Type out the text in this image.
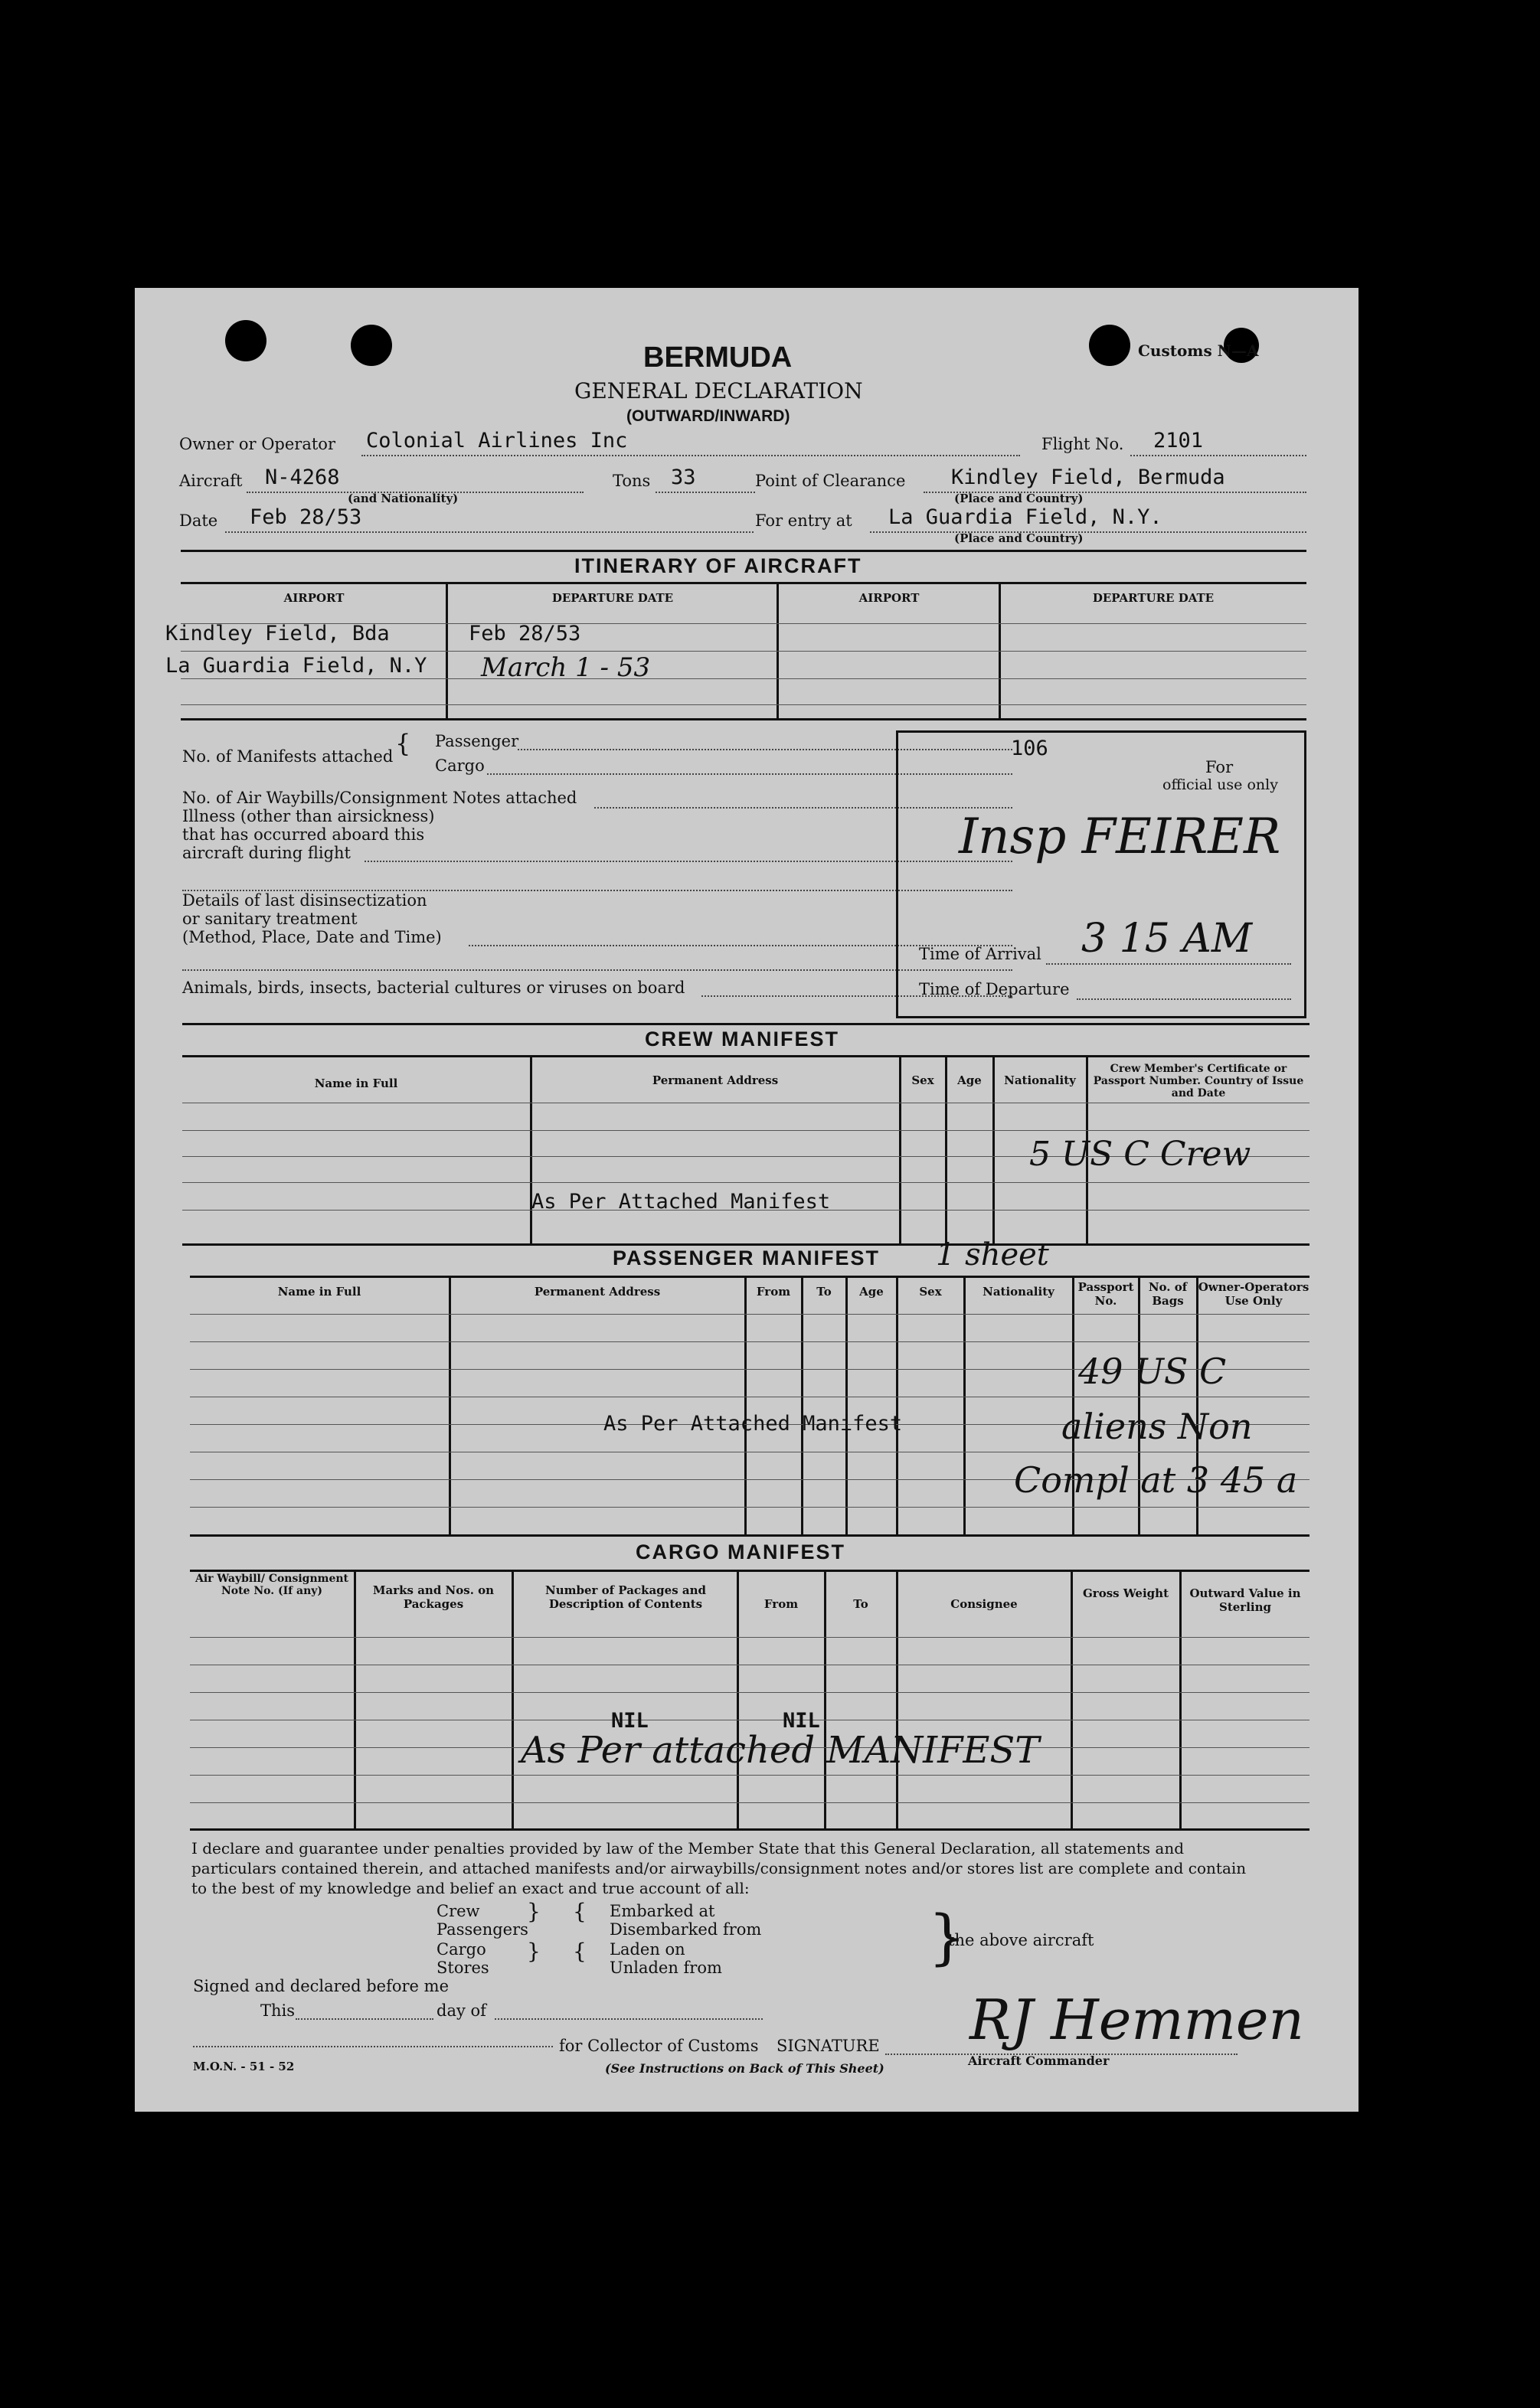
BERMUDA	Customs N—A
GENERAL DECLARATION
(OUTWARD/INWARD)
Owner or Operator Colonial Airlines Inc	Flight No. 2101
Aircraft N-4268
(and Nationality)
Tons 33	Point of Clearance Kindley Field, Bermuda
(Place and Country)
Date Feb 28/53	For entry at La Guardia Field, N.Y.
(Place and Country)
ITINERARY OF AIRCRAFT
AIRPORT	DEPARTURE DATE	AIRPORT	DEPARTURE DATE
Kindley Field, Bda	Feb 28/53
La Guardia Field, N.Y March 1 - 53
No. of Manifests attached { Passenger
Cargo
No. of Air Waybills/Consignment Notes attached
Illness (other than airsickness)
that has occurred aboard this
aircraft during flight
Details of last disinsectization
or sanitary treatment
(Method, Place, Date and Time)
Animals, birds, insects, bacterial cultures or viruses on board
106
For
official use only
Insp FEIRER
Time of Arrival 3 15 AM
Time of Departure
CREW MANIFEST
Name in Full	Permanent Address	Sex	Age	Nationality
Crew Member's Certificate or Passport Number. Country of Issue and Date
As Per Attached Manifest
5 US C Crew
PASSENGER MANIFEST 1 sheet
Name in Full	Permanent Address	From	To	Age	Sex	Nationality	Passport No.
No. of Bags
Owner-Operators Use Only
As Per Attached Manifest
49 US C
aliens Non
Compl at 3 45 a
CARGO MANIFEST
Air Waybill/ Consignment Note No. (If any)	Marks and Nos. on Packages
Number of Packages and Description of Contents	From	To	Consignee
Gross Weight	Outward Value in Sterling
NIL	NIL
As Per attached MANIFEST
I declare and guarantee under penalties provided by law of the Member State that this General Declaration, all statements and
particulars contained therein, and attached manifests and/or airwaybills/consignment notes and/or stores list are complete and contain
to the best of my knowledge and belief an exact and true account of all:
Crew
Passengers
Cargo
Stores
}
}
{
{
Embarked at
Disembarked from
Laden on
Unladen from	}
the above aircraft
Signed and declared before me
This	day of
for Collector of Customs SIGNATURE RJ Hemmen
Aircraft Commander
M.O.N. - 51 - 52	(See Instructions on Back of This Sheet)
